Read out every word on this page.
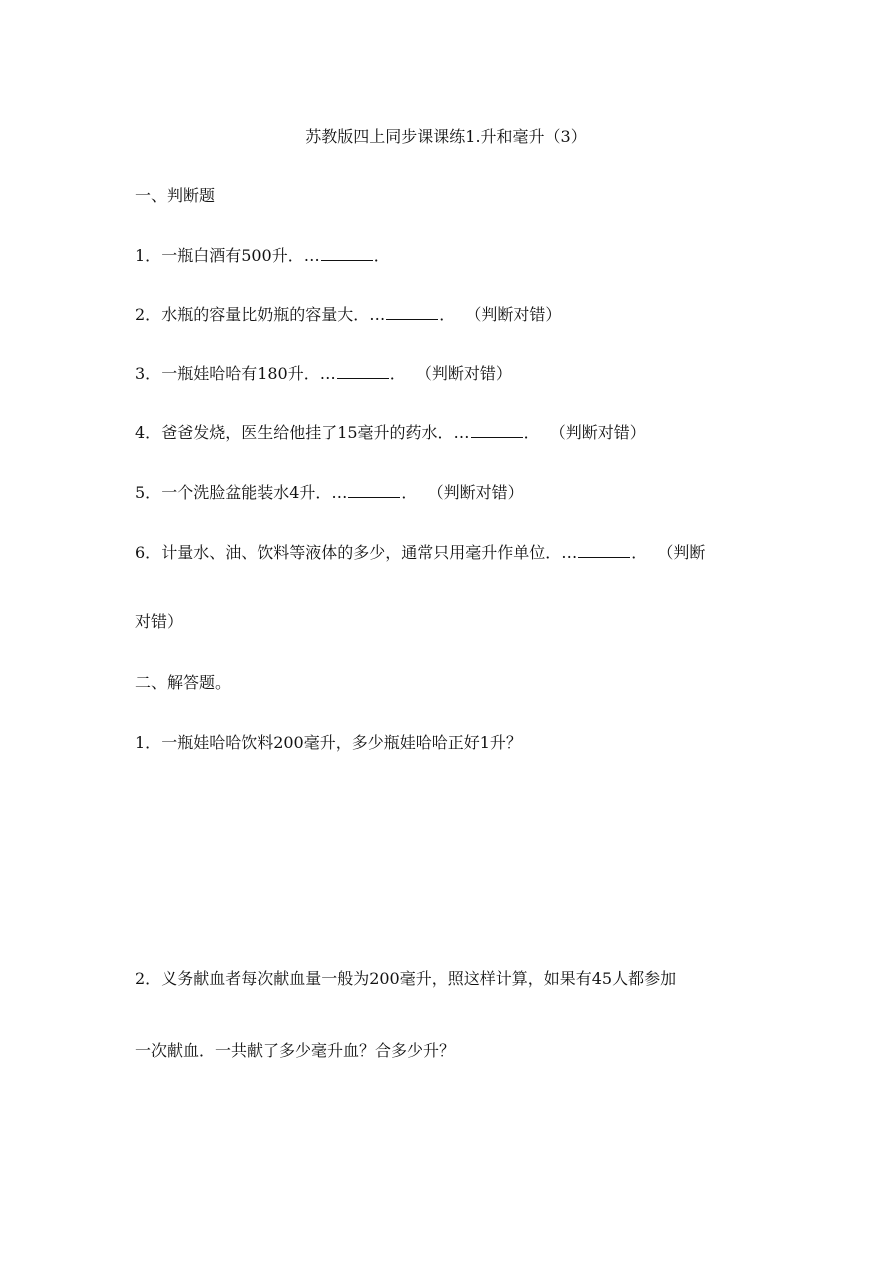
苏教版四上同步课课练1.升和毫升（3）
一、判断题
1．一瓶白酒有500升．…	．
2．水瓶的容量比奶瓶的容量大．…	． （判断对错）
3．一瓶娃哈哈有180升．…	． （判断对错）
4．爸爸发烧，医生给他挂了15毫升的药水．…	． （判断对错）
5．一个洗脸盆能装水4升．…	． （判断对错）
6．计量水、油、饮料等液体的多少，通常只用毫升作单位．…	． （判断
对错）
二、解答题。
1．一瓶娃哈哈饮料200毫升，多少瓶娃哈哈正好1升？
2．义务献血者每次献血量一般为200毫升，照这样计算，如果有45人都参加
一次献血．一共献了多少毫升血？合多少升？
